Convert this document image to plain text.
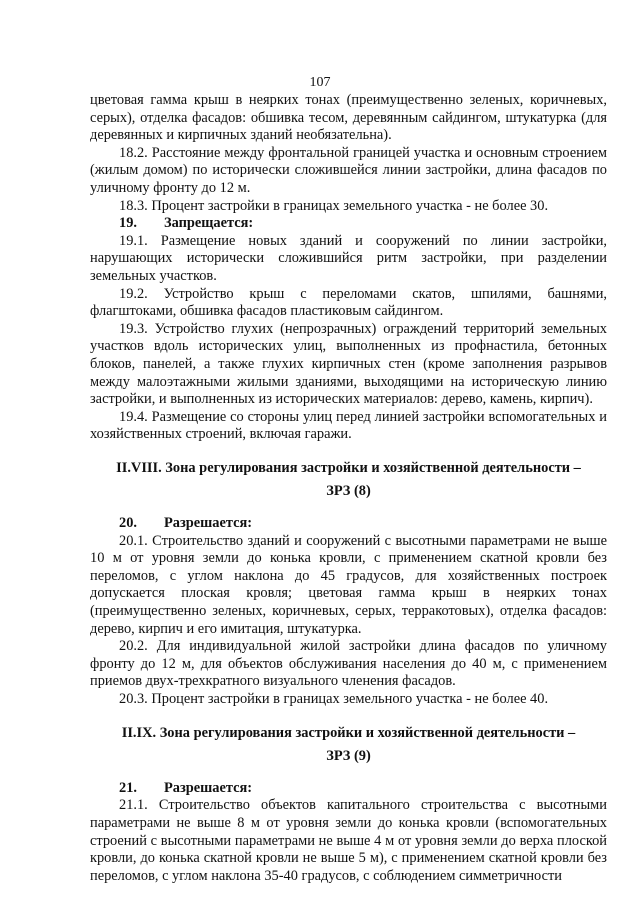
107

цветовая гамма крыш в неярких тонах (преимущественно зеленых, коричневых, серых), отделка фасадов: обшивка тесом, деревянным сайдингом, штукатурка (для деревянных и кирпичных зданий необязательна).

18.2. Расстояние между фронтальной границей участка и основным строением (жилым домом) по исторически сложившейся линии застройки, длина фасадов по уличному фронту до 12 м.

18.3. Процент застройки в границах земельного участка - не более 30.

19. Запрещается:

19.1. Размещение новых зданий и сооружений по линии застройки, нарушающих исторически сложившийся ритм застройки, при разделении земельных участков.

19.2. Устройство крыш с переломами скатов, шпилями, башнями, флагштоками, обшивка фасадов пластиковым сайдингом.

19.3. Устройство глухих (непрозрачных) ограждений территорий земельных участков вдоль исторических улиц, выполненных из профнастила, бетонных блоков, панелей, а также глухих кирпичных стен (кроме заполнения разрывов между малоэтажными жилыми зданиями, выходящими на историческую линию застройки, и выполненных из исторических материалов: дерево, камень, кирпич).

19.4. Размещение со стороны улиц перед линией застройки вспомогательных и хозяйственных строений, включая гаражи.

II.VIII. Зона регулирования застройки и хозяйственной деятельности –

ЗРЗ (8)

20. Разрешается:

20.1. Строительство зданий и сооружений с высотными параметрами не выше 10 м от уровня земли до конька кровли, с применением скатной кровли без переломов, с углом наклона до 45 градусов, для хозяйственных построек допускается плоская кровля; цветовая гамма крыш в неярких тонах (преимущественно зеленых, коричневых, серых, терракотовых), отделка фасадов: дерево, кирпич и его имитация, штукатурка.

20.2. Для индивидуальной жилой застройки длина фасадов по уличному фронту до 12 м, для объектов обслуживания населения до 40 м, с применением приемов двух-трехкратного визуального членения фасадов.

20.3. Процент застройки в границах земельного участка - не более 40.

II.IX. Зона регулирования застройки и хозяйственной деятельности –

ЗРЗ (9)

21. Разрешается:

21.1. Строительство объектов капитального строительства с высотными параметрами не выше 8 м от уровня земли до конька кровли (вспомогательных строений с высотными параметрами не выше 4 м от уровня земли до верха плоской кровли, до конька скатной кровли не выше 5 м), с применением скатной кровли без переломов, с углом наклона 35-40 градусов, с соблюдением симметричности
